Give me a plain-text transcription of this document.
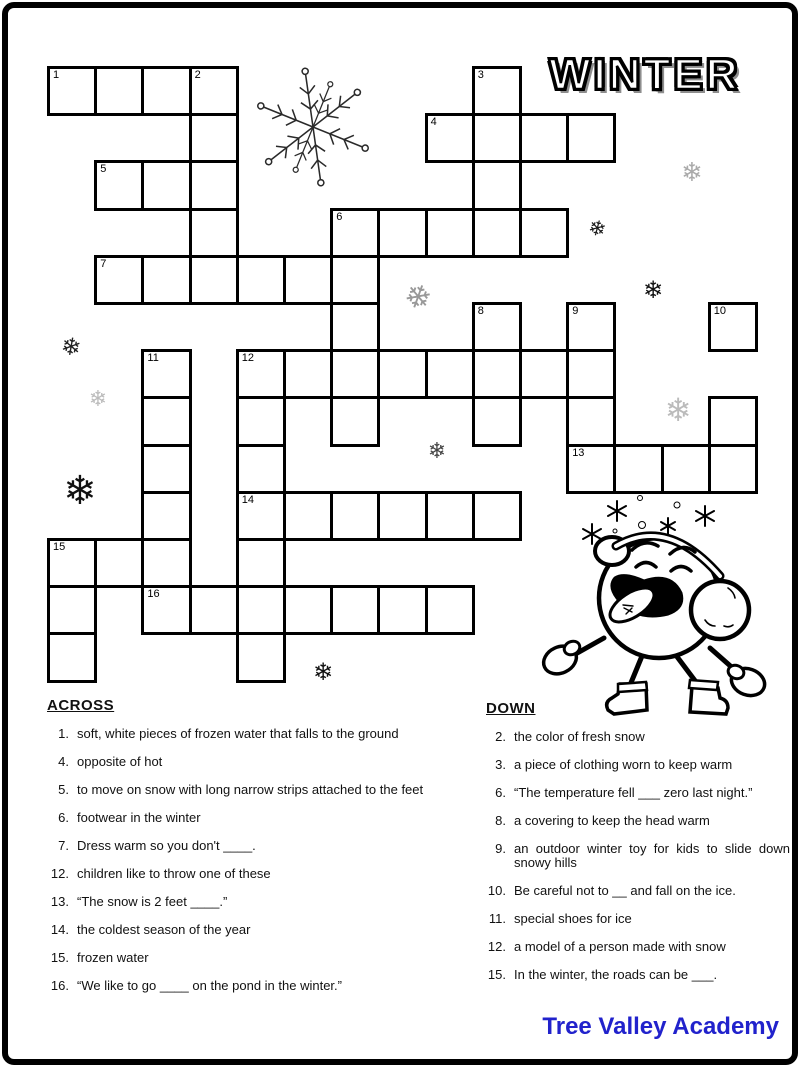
WINTER
1	2	3
4
5
6
7
8	9	10
11	12
13
14
15
16
❄
❄
❄
❄
❄
❄
❄
❄
❄
❄
ACROSS
1. soft, white pieces of frozen water that falls to the ground
4. opposite of hot
5. to move on snow with long narrow strips attached to the feet
6. footwear in the winter
7. Dress warm so you don't ____.
12. children like to throw one of these
13. “The snow is 2 feet ____.”
14. the coldest season of the year
15. frozen water
16. “We like to go ____ on the pond in the winter.”
DOWN
2. the color of fresh snow
3. a piece of clothing worn to keep warm
6. “The temperature fell ___ zero last night.”
8. a covering to keep the head warm
9. an outdoor winter toy for kids to slide down snowy hills
10. Be careful not to __ and fall on the ice.
11. special shoes for ice
12. a model of a person made with snow
15. In the winter, the roads can be ___.
Tree Valley Academy
